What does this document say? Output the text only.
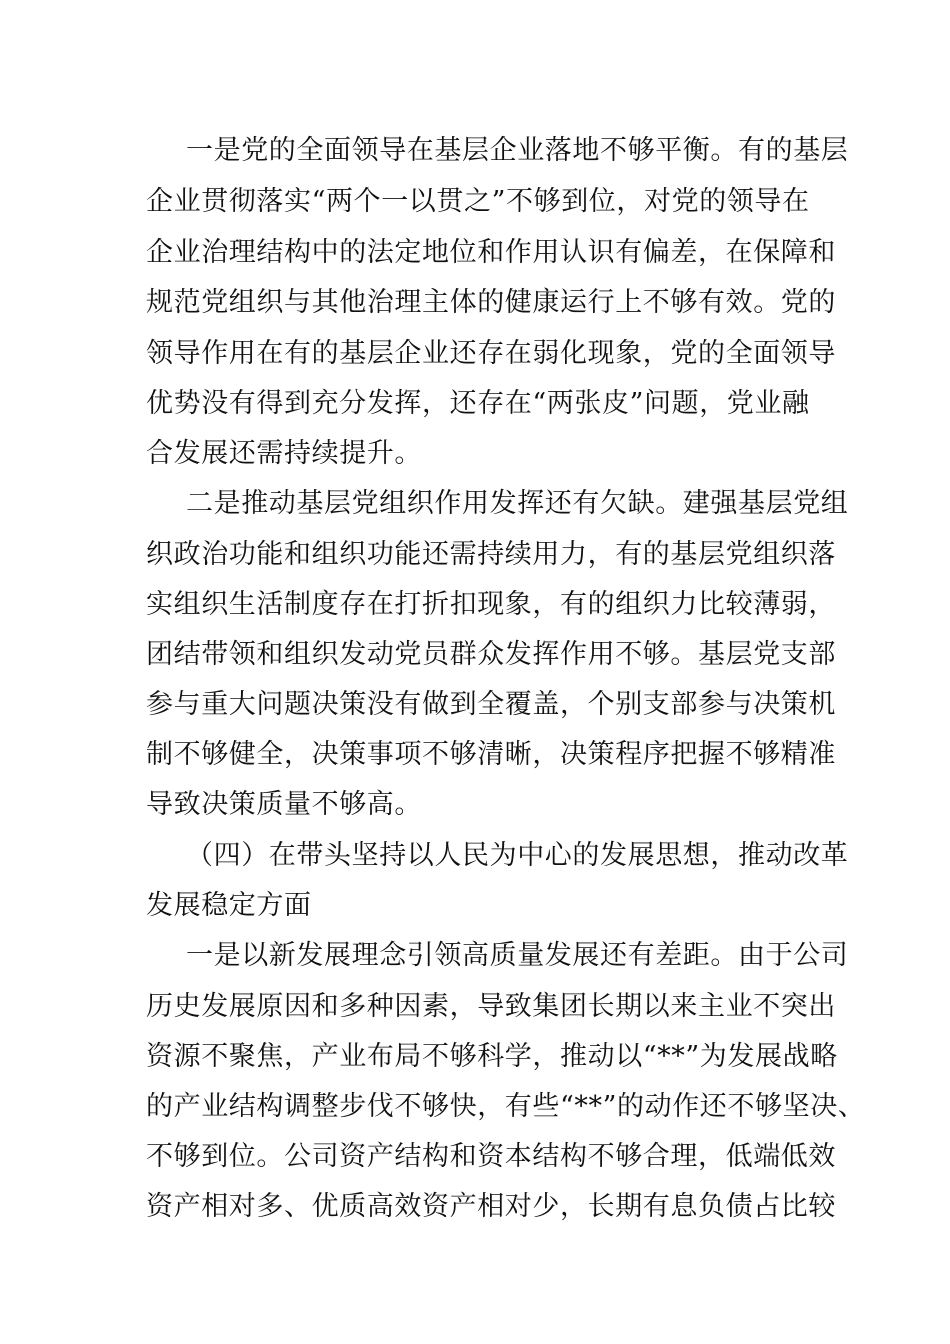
一是党的全面领导在基层企业落地不够平衡。有的基层
企业贯彻落实“两个一以贯之”不够到位，对党的领导在
企业治理结构中的法定地位和作用认识有偏差，在保障和
规范党组织与其他治理主体的健康运行上不够有效。党的
领导作用在有的基层企业还存在弱化现象，党的全面领导
优势没有得到充分发挥，还存在“两张皮”问题，党业融
合发展还需持续提升。
二是推动基层党组织作用发挥还有欠缺。建强基层党组
织政治功能和组织功能还需持续用力，有的基层党组织落
实组织生活制度存在打折扣现象，有的组织力比较薄弱，
团结带领和组织发动党员群众发挥作用不够。基层党支部
参与重大问题决策没有做到全覆盖，个别支部参与决策机
制不够健全，决策事项不够清晰，决策程序把握不够精准
导致决策质量不够高。
（四）在带头坚持以人民为中心的发展思想，推动改革
发展稳定方面
一是以新发展理念引领高质量发展还有差距。由于公司
历史发展原因和多种因素，导致集团长期以来主业不突出
资源不聚焦，产业布局不够科学，推动以“**”为发展战略
的产业结构调整步伐不够快，有些“**”的动作还不够坚决、
不够到位。公司资产结构和资本结构不够合理，低端低效
资产相对多、优质高效资产相对少，长期有息负债占比较
